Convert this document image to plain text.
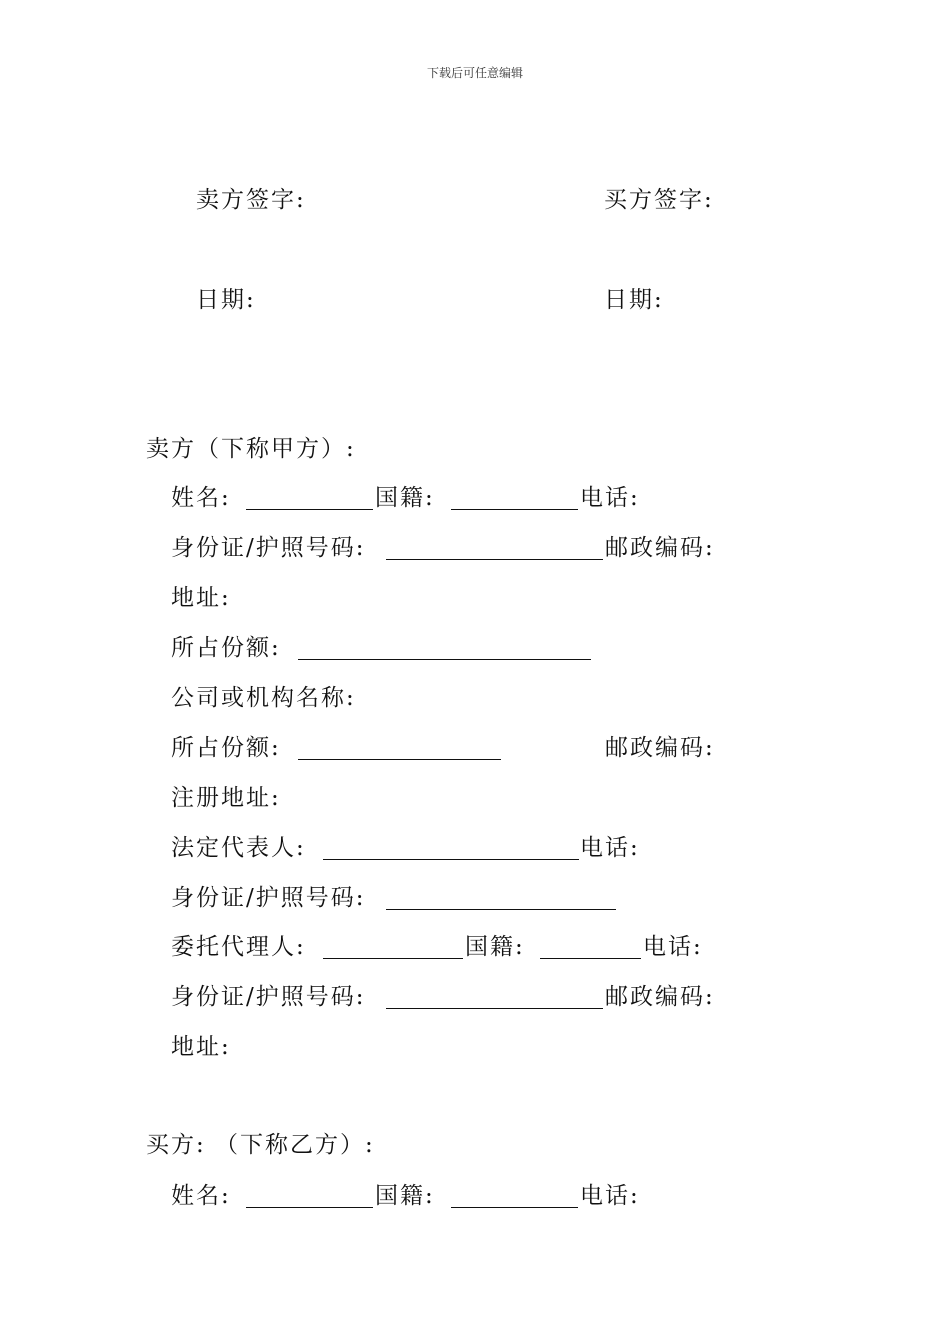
下载后可任意编辑
卖方签字:	买方签字:
日期:	日期:
卖方（下称甲方）:
姓名:	国籍:	电话:
身份证/护照号码:	邮政编码:
地址:
所占份额:
公司或机构名称:
所占份额:	邮政编码:
注册地址:
法定代表人:	电话:
身份证/护照号码:
委托代理人:	国籍:	电话:
身份证/护照号码:	邮政编码:
地址:
买方: （下称乙方）:
姓名:	国籍:	电话:
